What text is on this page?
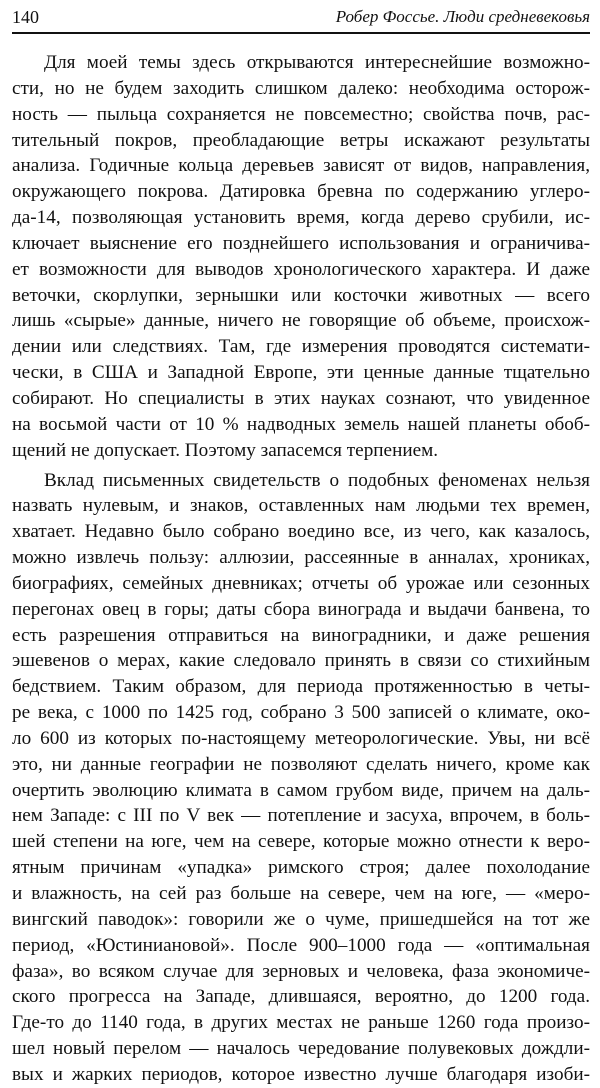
140	Робер Фоссье. Люди средневековья
Для моей темы здесь открываются интереснейшие возможно-
сти, но не будем заходить слишком далеко: необходима осторож-
ность — пыльца сохраняется не повсеместно; свойства почв, рас-
тительный покров, преобладающие ветры искажают результаты
анализа. Годичные кольца деревьев зависят от видов, направления,
окружающего покрова. Датировка бревна по содержанию углеро-
да-14, позволяющая установить время, когда дерево срубили, ис-
ключает выяснение его позднейшего использования и ограничива-
ет возможности для выводов хронологического характера. И даже
веточки, скорлупки, зернышки или косточки животных — всего
лишь «сырые» данные, ничего не говорящие об объеме, происхож-
дении или следствиях. Там, где измерения проводятся системати-
чески, в США и Западной Европе, эти ценные данные тщательно
собирают. Но специалисты в этих науках сознают, что увиденное
на восьмой части от 10 % надводных земель нашей планеты обоб-
щений не допускает. Поэтому запасемся терпением.
Вклад письменных свидетельств о подобных феноменах нельзя
назвать нулевым, и знаков, оставленных нам людьми тех времен,
хватает. Недавно было собрано воедино все, из чего, как казалось,
можно извлечь пользу: аллюзии, рассеянные в анналах, хрониках,
биографиях, семейных дневниках; отчеты об урожае или сезонных
перегонах овец в горы; даты сбора винограда и выдачи банвена, то
есть разрешения отправиться на виноградники, и даже решения
эшевенов о мерах, какие следовало принять в связи со стихийным
бедствием. Таким образом, для периода протяженностью в четы-
ре века, с 1000 по 1425 год, собрано 3 500 записей о климате, око-
ло 600 из которых по-настоящему метеорологические. Увы, ни всё
это, ни данные географии не позволяют сделать ничего, кроме как
очертить эволюцию климата в самом грубом виде, причем на даль-
нем Западе: с III по V век — потепление и засуха, впрочем, в боль-
шей степени на юге, чем на севере, которые можно отнести к веро-
ятным причинам «упадка» римского строя; далее похолодание
и влажность, на сей раз больше на севере, чем на юге, — «меро-
вингский паводок»: говорили же о чуме, пришедшейся на тот же
период, «Юстиниановой». После 900–1000 года — «оптимальная
фаза», во всяком случае для зерновых и человека, фаза экономиче-
ского прогресса на Западе, длившаяся, вероятно, до 1200 года.
Где-то до 1140 года, в других местах не раньше 1260 года произо-
шел новый перелом — началось чередование полувековых дождли-
вых и жарких периодов, которое известно лучше благодаря изоби-
